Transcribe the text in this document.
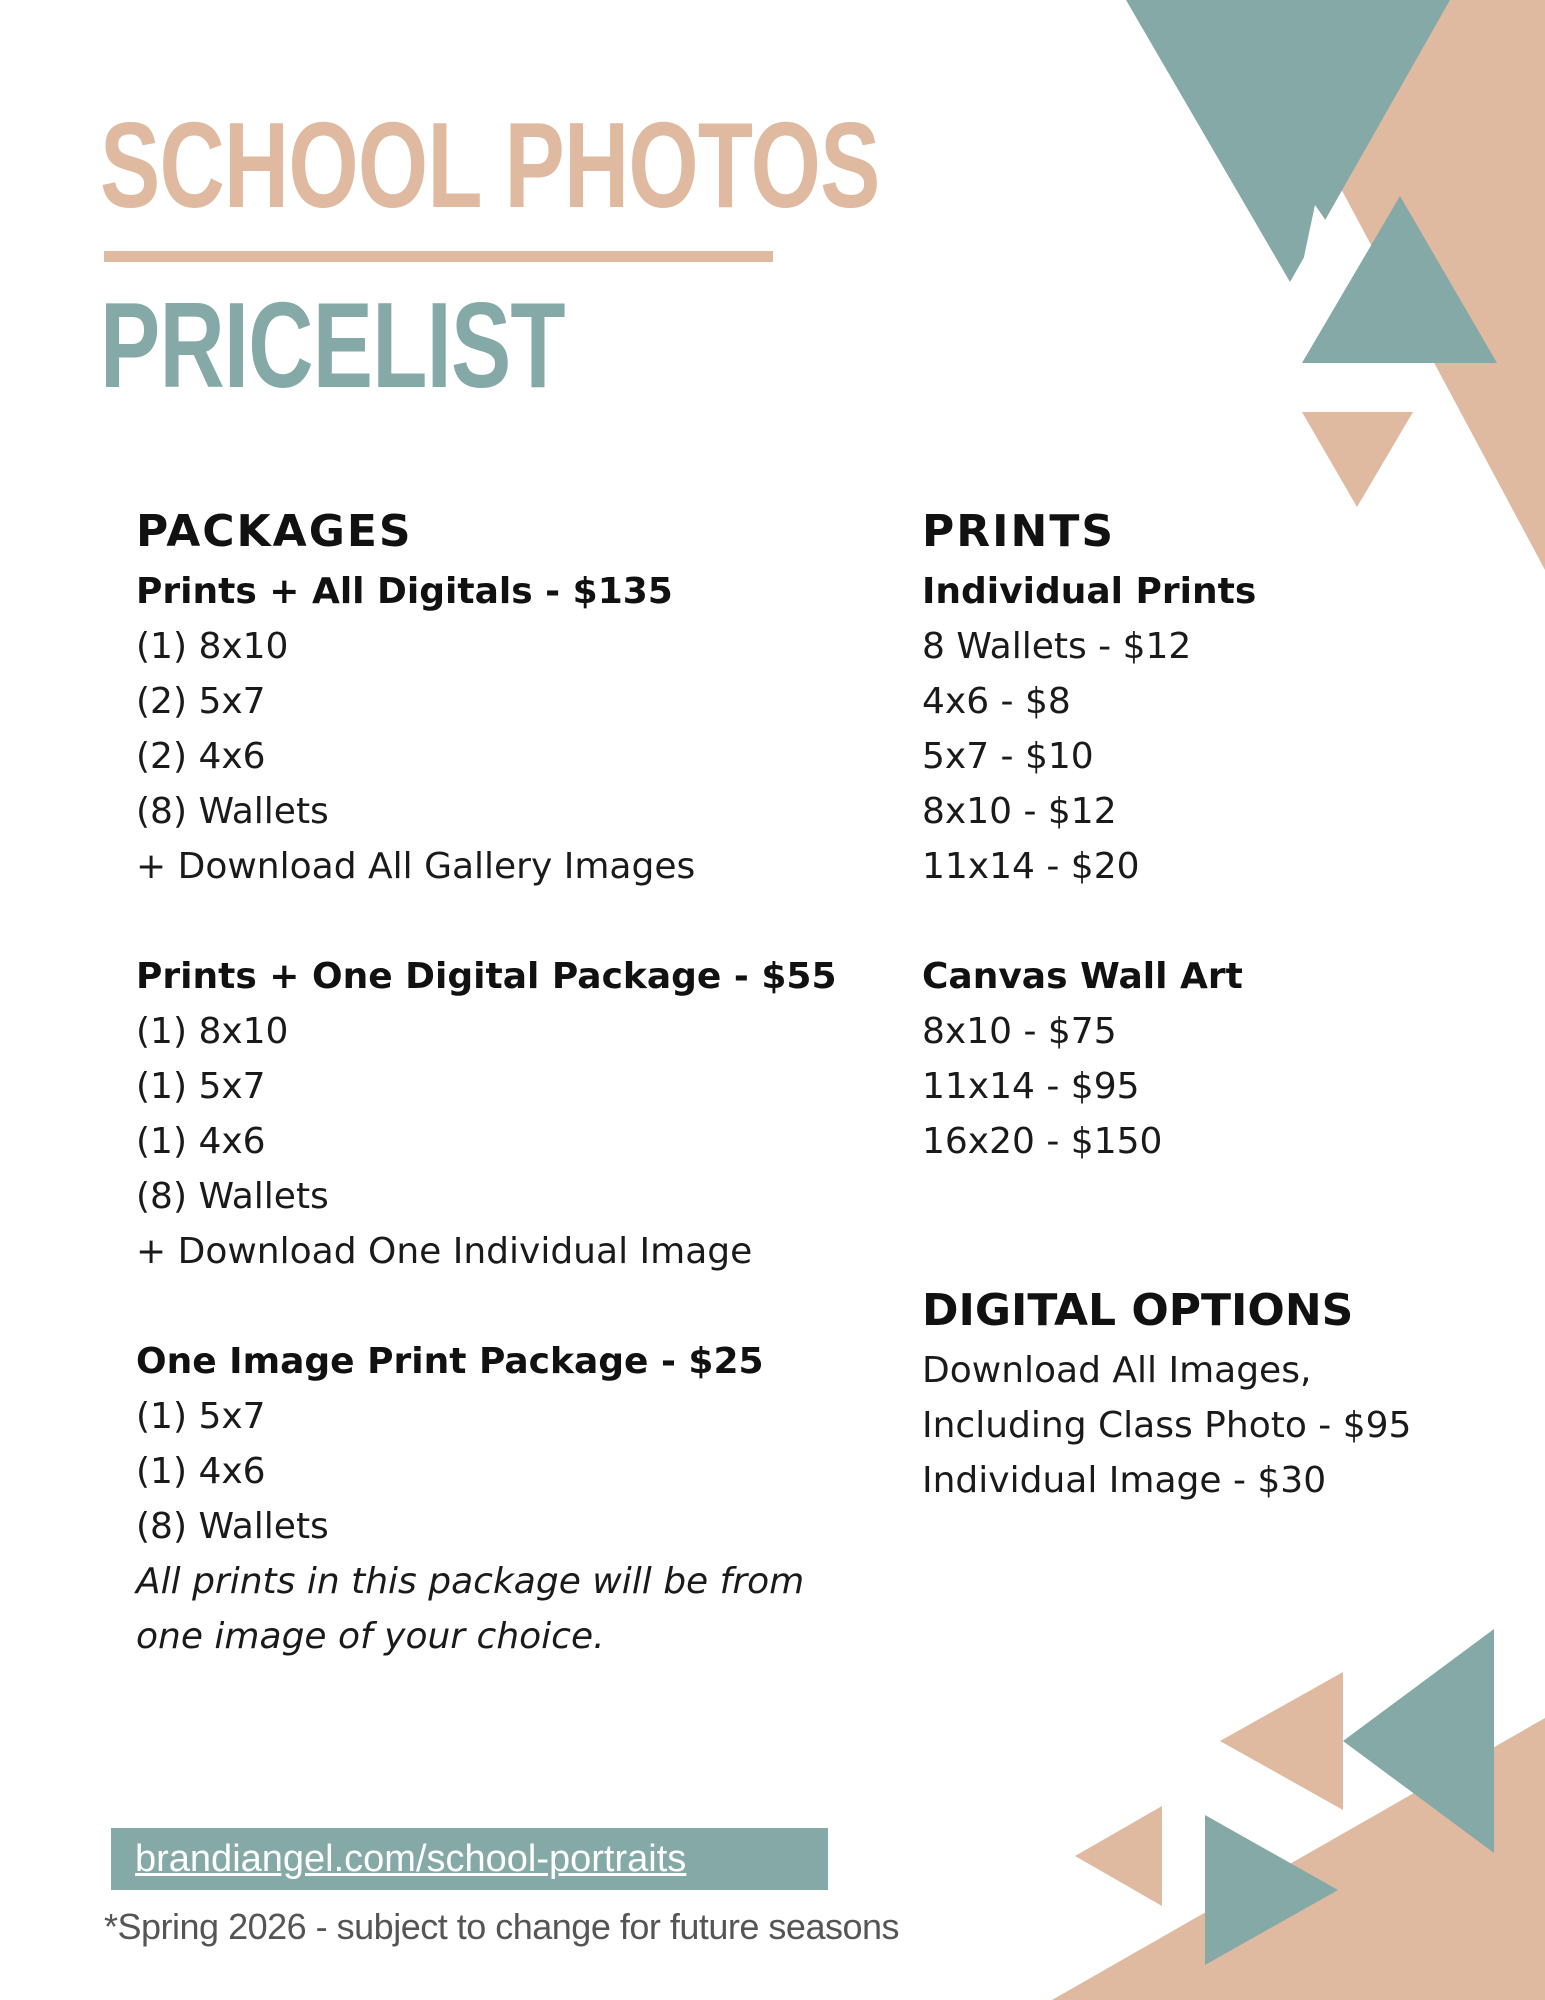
SCHOOL PHOTOS
PRICELIST
PACKAGES
Prints + All Digitals - $135
(1) 8x10
(2) 5x7
(2) 4x6
(8) Wallets
+ Download All Gallery Images
Prints + One Digital Package - $55
(1) 8x10
(1) 5x7
(1) 4x6
(8) Wallets
+ Download One Individual Image
One Image Print Package - $25
(1) 5x7
(1) 4x6
(8) Wallets
All prints in this package will be from
one image of your choice.
PRINTS
Individual Prints
8 Wallets - $12
4x6 - $8
5x7 - $10
8x10 - $12
11x14 - $20
Canvas Wall Art
8x10 - $75
11x14 - $95
16x20 - $150
DIGITAL OPTIONS
Download All Images,
Including Class Photo - $95
Individual Image - $30
brandiangel.com/school-portraits
*Spring 2026 - subject to change for future seasons
